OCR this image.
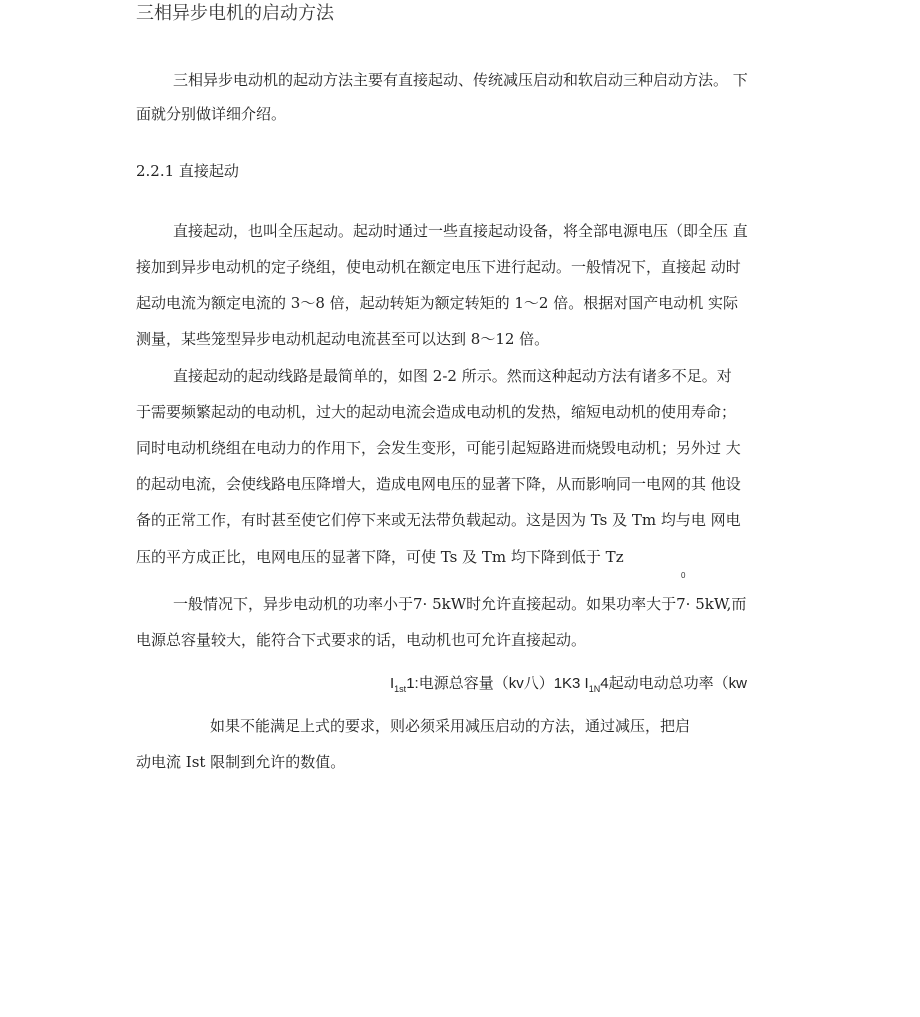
三相异步电机的启动方法
三相异步电动机的起动方法主要有直接起动、传统减压启动和软启动三种启动方法。 下
面就分别做详细介绍。
2.2.1 直接起动
直接起动，也叫全压起动。起动时通过一些直接起动设备，将全部电源电压（即全压 直
接加到异步电动机的定子绕组，使电动机在额定电压下进行起动。一般情况下，直接起 动时
起动电流为额定电流的 3～8 倍，起动转矩为额定转矩的 1～2 倍。根据对国产电动机 实际
测量，某些笼型异步电动机起动电流甚至可以达到 8～12 倍。
直接起动的起动线路是最简单的，如图 2-2 所示。然而这种起动方法有诸多不足。对
于需要频繁起动的电动机，过大的起动电流会造成电动机的发热，缩短电动机的使用寿命；
同时电动机绕组在电动力的作用下，会发生变形，可能引起短路进而烧毁电动机；另外过 大
的起动电流，会使线路电压降增大，造成电网电压的显著下降，从而影响同一电网的其 他设
备的正常工作，有时甚至使它们停下来或无法带负载起动。这是因为 Ts 及 Tm 均与电 网电
压的平方成正比，电网电压的显著下降，可使 Ts 及 Tm 均下降到低于 Tz
0
一般情况下，异步电动机的功率小于7· 5kW时允许直接起动。如果功率大于7· 5kW,而
电源总容量较大，能符合下式要求的话，电动机也可允许直接起动。
$I_{1st}1$:电源总容量（kv八）1K3 $I_{1N}4$起动电动总功率（kw
如果不能满足上式的要求，则必须采用减压启动的方法，通过减压，把启
动电流 Ist 限制到允许的数值。
